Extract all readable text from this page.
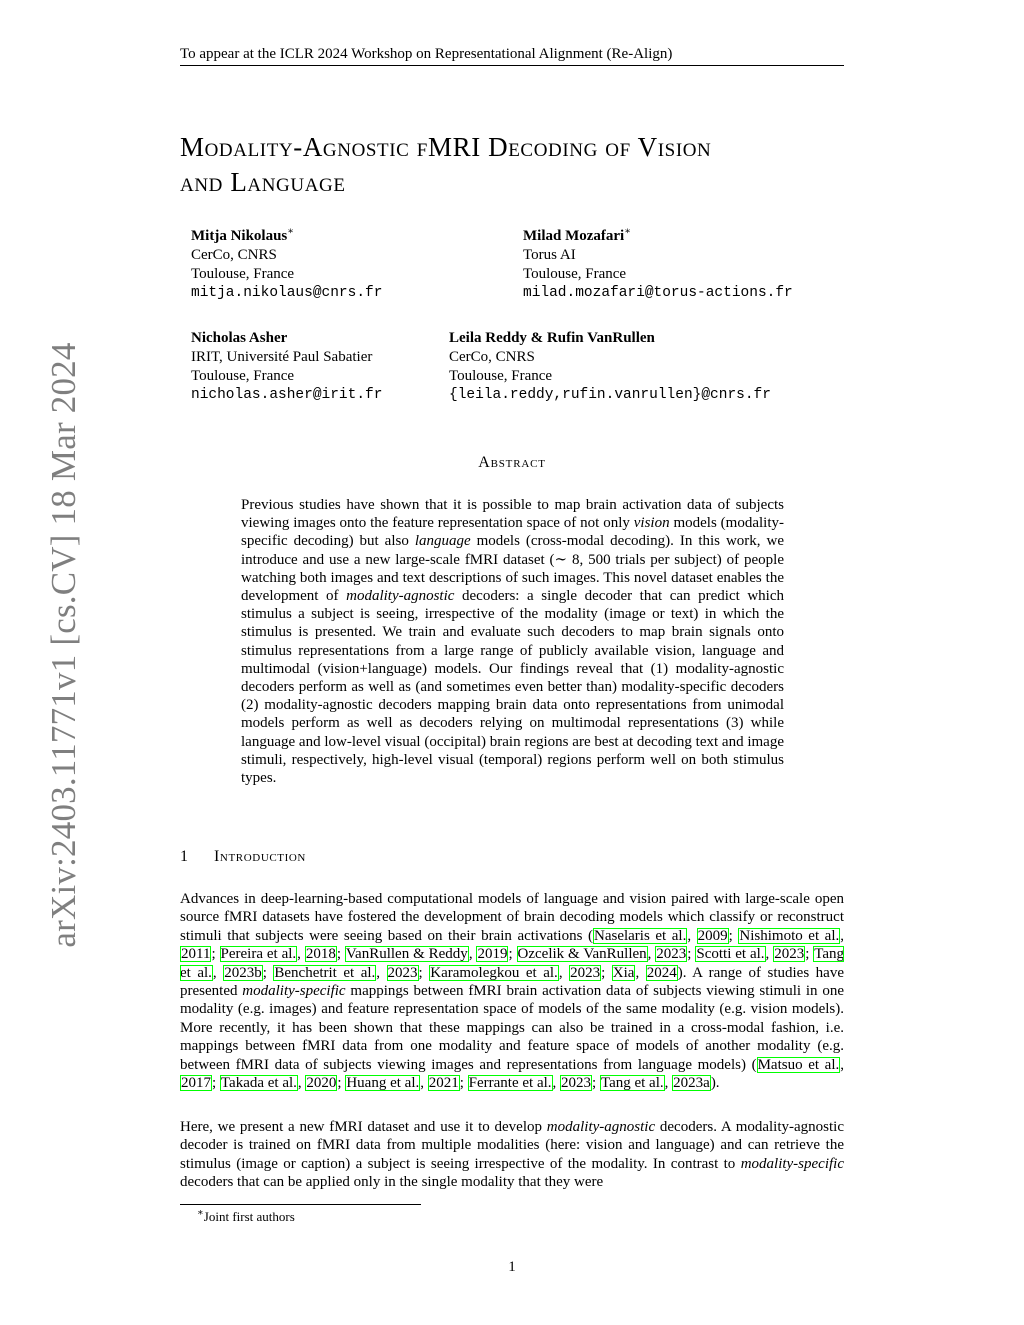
To appear at the ICLR 2024 Workshop on Representational Alignment (Re-Align)
Modality-Agnostic fMRI Decoding of Vision
and Language
Mitja Nikolaus∗
CerCo, CNRS
Toulouse, France
mitja.nikolaus@cnrs.fr
Milad Mozafari∗
Torus AI
Toulouse, France
milad.mozafari@torus-actions.fr
Nicholas Asher
IRIT, Université Paul Sabatier
Toulouse, France
nicholas.asher@irit.fr
Leila Reddy & Rufin VanRullen
CerCo, CNRS
Toulouse, France
{leila.reddy,rufin.vanrullen}@cnrs.fr
Abstract
Previous studies have shown that it is possible to map brain activation data of subjects viewing images onto the feature representation space of not only vision models (modality-specific decoding) but also language models (cross-modal decoding). In this work, we introduce and use a new large-scale fMRI dataset (∼ 8, 500 trials per subject) of people watching both images and text descriptions of such images. This novel dataset enables the development of modality-agnostic decoders: a single decoder that can predict which stimulus a subject is seeing, irrespective of the modality (image or text) in which the stimulus is presented. We train and evaluate such decoders to map brain signals onto stimulus representations from a large range of publicly available vision, language and multimodal (vision+language) models. Our findings reveal that (1) modality-agnostic decoders perform as well as (and sometimes even better than) modality-specific decoders (2) modality-agnostic decoders mapping brain data onto representations from unimodal models perform as well as decoders relying on multimodal representations (3) while language and low-level visual (occipital) brain regions are best at decoding text and image stimuli, respectively, high-level visual (temporal) regions perform well on both stimulus types.
1 Introduction
Advances in deep-learning-based computational models of language and vision paired with large-scale open source fMRI datasets have fostered the development of brain decoding models which classify or reconstruct stimuli that subjects were seeing based on their brain activations (Naselaris et al., 2009; Nishimoto et al., 2011; Pereira et al., 2018; VanRullen & Reddy, 2019; Ozcelik & VanRullen, 2023; Scotti et al., 2023; Tang et al., 2023b; Benchetrit et al., 2023; Karamolegkou et al., 2023; Xia, 2024). A range of studies have presented modality-specific mappings between fMRI brain activation data of subjects viewing stimuli in one modality (e.g. images) and feature representation space of models of the same modality (e.g. vision models). More recently, it has been shown that these mappings can also be trained in a cross-modal fashion, i.e. mappings between fMRI data from one modality and feature space of models of another modality (e.g. between fMRI data of subjects viewing images and representations from language models) (Matsuo et al., 2017; Takada et al., 2020; Huang et al., 2021; Ferrante et al., 2023; Tang et al., 2023a).
Here, we present a new fMRI dataset and use it to develop modality-agnostic decoders. A modality-agnostic decoder is trained on fMRI data from multiple modalities (here: vision and language) and can retrieve the stimulus (image or caption) a subject is seeing irrespective of the modality. In contrast to modality-specific decoders that can be applied only in the single modality that they were
arXiv:2403.11771v1 [cs.CV] 18 Mar 2024
∗Joint first authors
1
